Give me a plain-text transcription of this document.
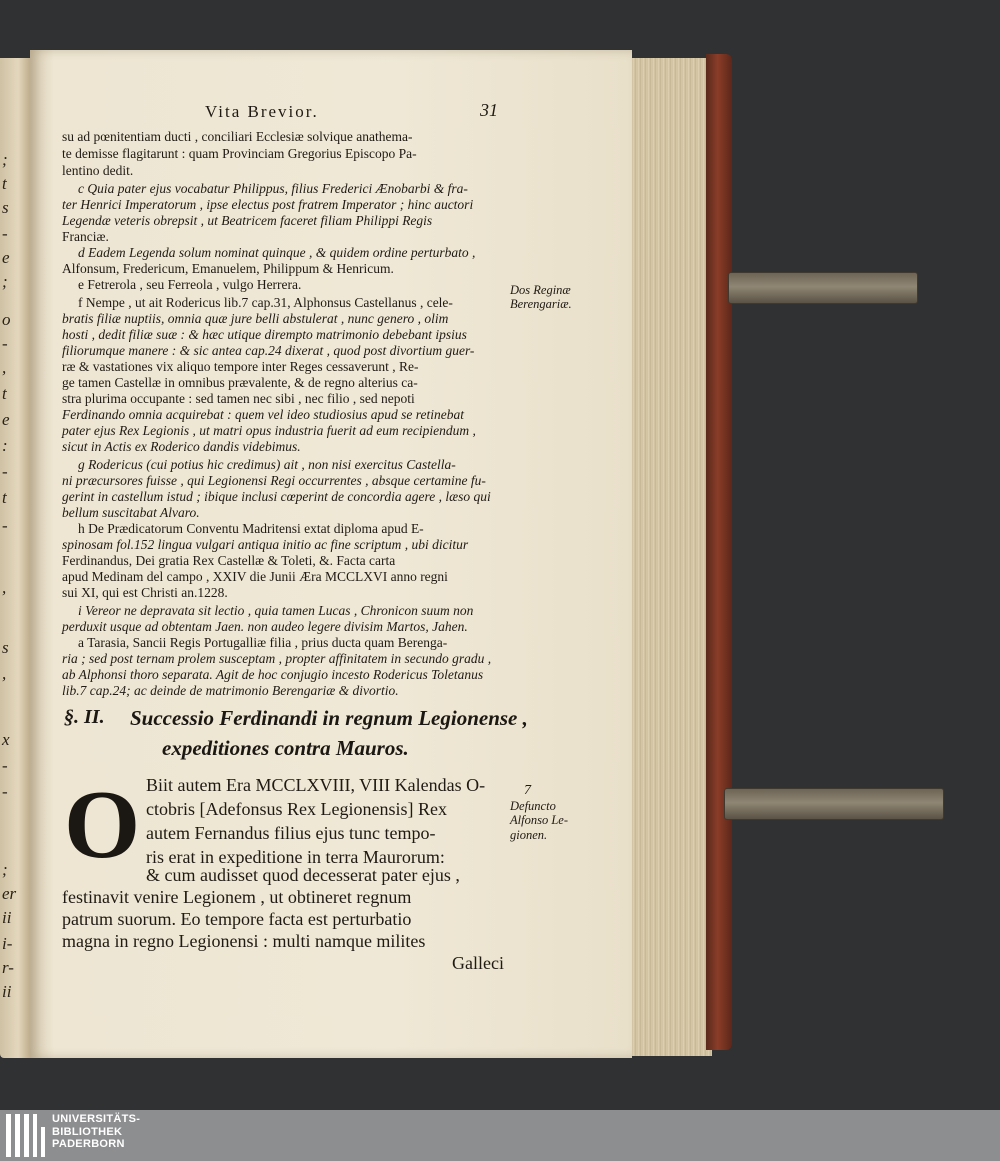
;
t
s
-
e
;
o
-
,
t
e
:
-
t
-
,
s
,
x
-
-
;
er
ii
i-
r-
ii
Vita Brevior.	31
su ad pœnitentiam ducti , conciliari Ecclesiæ solvique anathema-
te demisse flagitarunt : quam Provinciam Gregorius Episcopo Pa-
lentino dedit.
c Quia pater ejus vocabatur Philippus, filius Frederici Ænobarbi & fra-
ter Henrici Imperatorum , ipse electus post fratrem Imperator ; hinc auctori
Legendæ veteris obrepsit , ut Beatricem faceret filiam Philippi Regis
Franciæ.
d Eadem Legenda solum nominat quinque , & quidem ordine perturbato ,
Alfonsum, Fredericum, Emanuelem, Philippum & Henricum.
e Fetrerola , seu Ferreola , vulgo Herrera.
f Nempe , ut ait Rodericus lib.7 cap.31, Alphonsus Castellanus , cele-
bratis filiæ nuptiis, omnia quæ jure belli abstulerat , nunc genero , olim
hosti , dedit filiæ suæ : & hæc utique dirempto matrimonio debebant ipsius
filiorumque manere : & sic antea cap.24 dixerat , quod post divortium guer-
ræ & vastationes vix aliquo tempore inter Reges cessaverunt , Re-
ge tamen Castellæ in omnibus prævalente, & de regno alterius ca-
stra plurima occupante : sed tamen nec sibi , nec filio , sed nepoti
Ferdinando omnia acquirebat : quem vel ideo studiosius apud se retinebat
pater ejus Rex Legionis , ut matri opus industria fuerit ad eum recipiendum ,
sicut in Actis ex Roderico dandis videbimus.
g Rodericus (cui potius hic credimus) ait , non nisi exercitus Castella-
ni præcursores fuisse , qui Legionensi Regi occurrentes , absque certamine fu-
gerint in castellum istud ; ibique inclusi cœperint de concordia agere , læso qui
bellum suscitabat Alvaro.
h De Prædicatorum Conventu Madritensi extat diploma apud E-
spinosam fol.152 lingua vulgari antiqua initio ac fine scriptum , ubi dicitur
Ferdinandus, Dei gratia Rex Castellæ & Toleti, &. Facta carta
apud Medinam del campo , XXIV die Junii Æra MCCLXVI anno regni
sui XI, qui est Christi an.1228.
i Vereor ne depravata sit lectio , quia tamen Lucas , Chronicon suum non
perduxit usque ad obtentam Jaen. non audeo legere divisim Martos, Jahen.
a Tarasia, Sancii Regis Portugalliæ filia , prius ducta quam Berenga-
ria ; sed post ternam prolem susceptam , propter affinitatem in secundo gradu ,
ab Alphonsi thoro separata. Agit de hoc conjugio incesto Rodericus Toletanus
lib.7 cap.24; ac deinde de matrimonio Berengariæ & divortio.
Dos Reginæ
Berengariæ.
7
Defuncto
Alfonso Le-
gionen.
§. II. Successio Ferdinandi in regnum Legionense ,
expeditiones contra Mauros.
O Biit autem Era MCCLXVIII, VIII Kalendas O-
ctobris [Adefonsus Rex Legionensis] Rex
autem Fernandus filius ejus tunc tempo-
ris erat in expeditione in terra Maurorum:
& cum audisset quod decesserat pater ejus ,
festinavit venire Legionem , ut obtineret regnum
patrum suorum. Eo tempore facta est perturbatio
magna in regno Legionensi : multi namque milites
Galleci
UNIVERSITÄTS-
BIBLIOTHEK
PADERBORN
